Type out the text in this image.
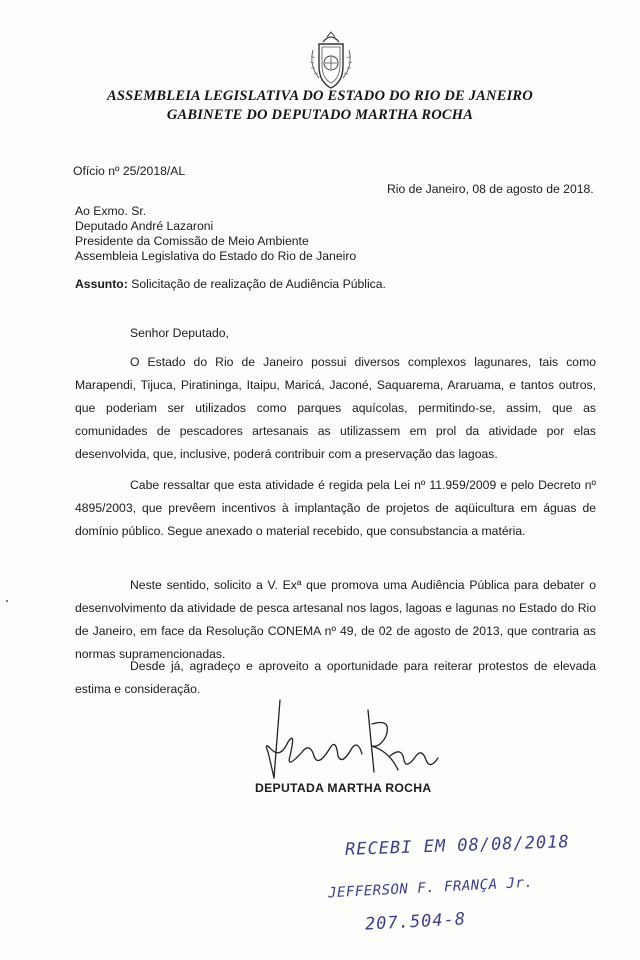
ASSEMBLEIA LEGISLATIVA DO ESTADO DO RIO DE JANEIRO
GABINETE DO DEPUTADO MARTHA ROCHA
Ofício nº 25/2018/AL
Rio de Janeiro, 08 de agosto de 2018.
Ao Exmo. Sr.
Deputado André Lazaroni
Presidente da Comissão de Meio Ambiente
Assembleia Legislativa do Estado do Rio de Janeiro
Assunto: Solicitação de realização de Audiência Pública.
Senhor Deputado,
O Estado do Rio de Janeiro possui diversos complexos lagunares, tais como Marapendi, Tijuca, Piratininga, Itaipu, Maricá, Jaconé, Saquarema, Araruama, e tantos outros, que poderiam ser utilizados como parques aquícolas, permitindo-se, assim, que as comunidades de pescadores artesanais as utilizassem em prol da atividade por elas desenvolvida, que, inclusive, poderá contribuir com a preservação das lagoas.
Cabe ressaltar que esta atividade é regida pela Lei nº 11.959/2009 e pelo Decreto nº 4895/2003, que prevêem incentivos à implantação de projetos de aqüicultura em águas de domínio público. Segue anexado o material recebido, que consubstancia a matéria.
Neste sentido, solicito a V. Exª que promova uma Audiência Pública para debater o desenvolvimento da atividade de pesca artesanal nos lagos, lagoas e lagunas no Estado do Rio de Janeiro, em face da Resolução CONEMA nº 49, de 02 de agosto de 2013, que contraria as normas supramencionadas.
Desde já, agradeço e aproveito a oportunidade para reiterar protestos de elevada estima e consideração.
DEPUTADA MARTHA ROCHA
RECEBI EM 08/08/2018
JEFFERSON F. FRANÇA Jr.
207.504-8
